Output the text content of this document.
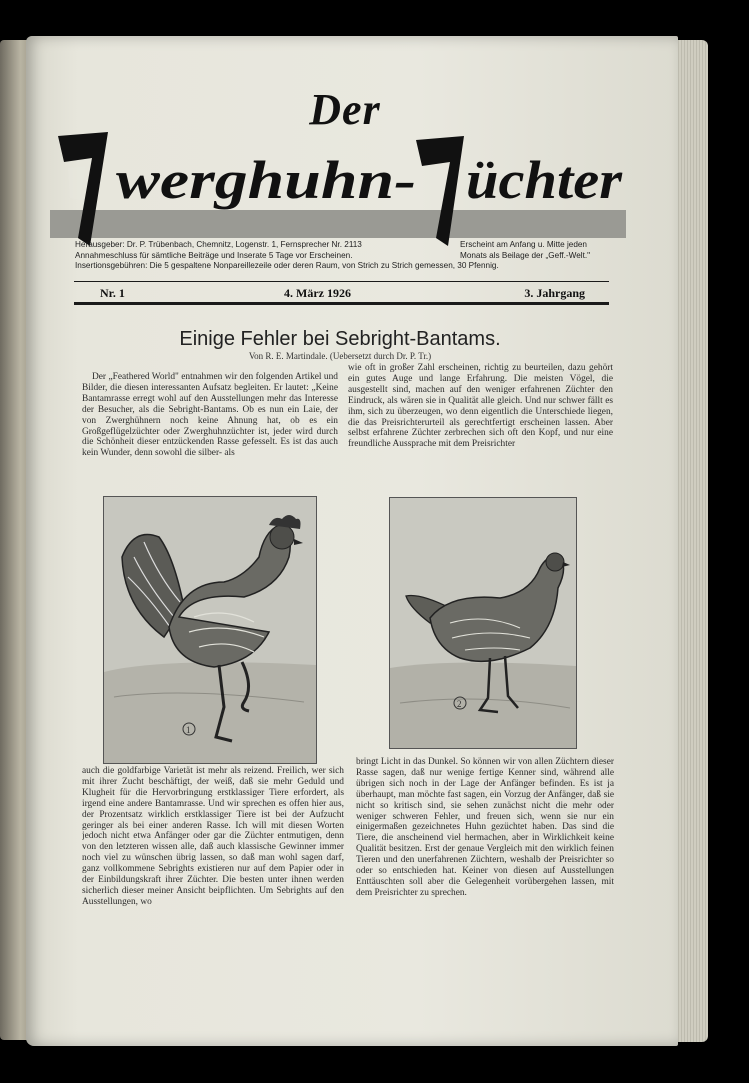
Der
werghuhn- üchter
Herausgeber: Dr. P. Trübenbach, Chemnitz, Logenstr. 1, Fernsprecher Nr. 2113
Annahmeschluss für sämtliche Beiträge und Inserate 5 Tage vor Erscheinen.
Insertionsgebühren: Die 5 gespaltene Nonpareillezeile oder deren Raum, von Strich zu Strich gemessen, 30 Pfennig.
Erscheint am Anfang u. Mitte jeden
Monats als Beilage der „Geff.-Welt."
Nr. 1	4. März 1926	3. Jahrgang
Einige Fehler bei Sebright-Bantams.
Von R. E. Martindale. (Uebersetzt durch Dr. P. Tr.)

Der „Feathered World" entnahmen wir den folgenden Artikel und Bilder, die diesen interessanten Aufsatz begleiten. Er lautet: „Keine Bantamrasse erregt wohl auf den Ausstellungen mehr das Interesse der Besucher, als die Sebright-Bantams. Ob es nun ein Laie, der von Zwerghühnern noch keine Ahnung hat, ob es ein Großgeflügelzüchter oder Zwerghuhnzüchter ist, jeder wird durch die Schönheit dieser entzückenden Rasse gefesselt. Es ist das auch kein Wunder, denn sowohl die silber- als

wie oft in großer Zahl erscheinen, richtig zu beurteilen, dazu gehört ein gutes Auge und lange Erfahrung. Die meisten Vögel, die ausgestellt sind, machen auf den weniger erfahrenen Züchter den Eindruck, als wären sie in Qualität alle gleich. Und nur schwer fällt es ihm, sich zu überzeugen, wo denn eigentlich die Unterschiede liegen, die das Preisrichterurteil als gerechtfertigt erscheinen lassen. Aber selbst erfahrene Züchter zerbrechen sich oft den Kopf, und nur eine freundliche Aussprache mit dem Preisrichter

1
2

auch die goldfarbige Varietät ist mehr als reizend. Freilich, wer sich mit ihrer Zucht beschäftigt, der weiß, daß sie mehr Geduld und Klugheit für die Hervorbringung erstklassiger Tiere erfordert, als irgend eine andere Bantamrasse. Und wir sprechen es offen hier aus, der Prozentsatz wirklich erstklassiger Tiere ist bei der Aufzucht geringer als bei einer anderen Rasse. Ich will mit diesen Worten jedoch nicht etwa Anfänger oder gar die Züchter entmutigen, denn von den letzteren wissen alle, daß auch klassische Gewinner immer noch viel zu wünschen übrig lassen, so daß man wohl sagen darf, ganz vollkommene Sebrights existieren nur auf dem Papier oder in der Einbildungskraft ihrer Züchter. Die besten unter ihnen werden sicherlich dieser meiner Ansicht beipflichten. Um Sebrights auf den Ausstellungen, wo

bringt Licht in das Dunkel. So können wir von allen Züchtern dieser Rasse sagen, daß nur wenige fertige Kenner sind, während alle übrigen sich noch in der Lage der Anfänger befinden. Es ist ja überhaupt, man möchte fast sagen, ein Vorzug der Anfänger, daß sie nicht so kritisch sind, sie sehen zunächst nicht die mehr oder weniger schweren Fehler, und freuen sich, wenn sie nur ein einigermaßen gezeichnetes Huhn gezüchtet haben. Das sind die Tiere, die anscheinend viel hermachen, aber in Wirklichkeit keine Qualität besitzen. Erst der genaue Vergleich mit den wirklich feinen Tieren und den unerfahrenen Züchtern, weshalb der Preisrichter so oder so entschieden hat. Keiner von diesen auf Ausstellungen Enttäuschten soll aber die Gelegenheit vorübergehen lassen, mit dem Preisrichter zu sprechen.
